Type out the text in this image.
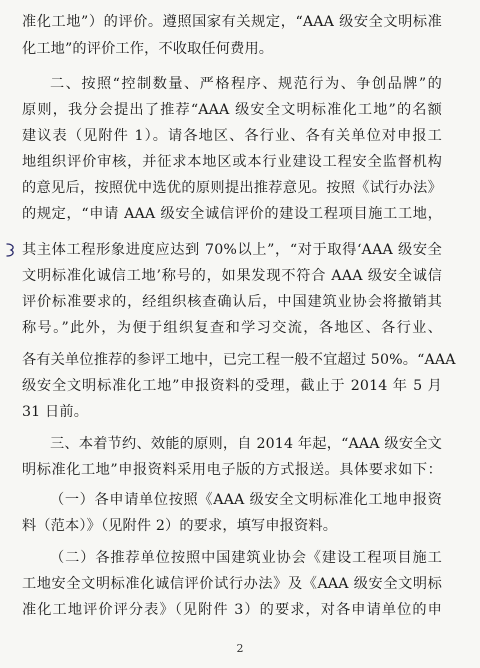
准化工地”）的评价。遵照国家有关规定，“AAA 级安全文明标准
化工地”的评价工作，不收取任何费用。
二、按照“控制数量、严格程序、规范行为、争创品牌”的
原则，我分会提出了推荐“AAA 级安全文明标准化工地”的名额
建议表（见附件 1）。请各地区、各行业、各有关单位对申报工
地组织评价审核，并征求本地区或本行业建设工程安全监督机构
的意见后，按照优中选优的原则提出推荐意见。按照《试行办法》
的规定，“申请 AAA 级安全诚信评价的建设工程项目施工工地，
其主体工程形象进度应达到 70%以上”，“对于取得‘AAA 级安全
文明标准化诚信工地’称号的，如果发现不符合 AAA 级安全诚信
评价标准要求的，经组织核查确认后，中国建筑业协会将撤销其
称号。”此外，为便于组织复查和学习交流，各地区、各行业、
各有关单位推荐的参评工地中，已完工程一般不宜超过 50%。“AAA
级安全文明标准化工地”申报资料的受理，截止于 2014 年 5 月
31 日前。
三、本着节约、效能的原则，自 2014 年起，“AAA 级安全文
明标准化工地”申报资料采用电子版的方式报送。具体要求如下：
（一）各申请单位按照《AAA 级安全文明标准化工地申报资
料（范本）》（见附件 2）的要求，填写申报资料。
（二）各推荐单位按照中国建筑业协会《建设工程项目施工
工地安全文明标准化诚信评价试行办法》及《AAA 级安全文明标
准化工地评价评分表》（见附件 3）的要求，对各申请单位的申
2
